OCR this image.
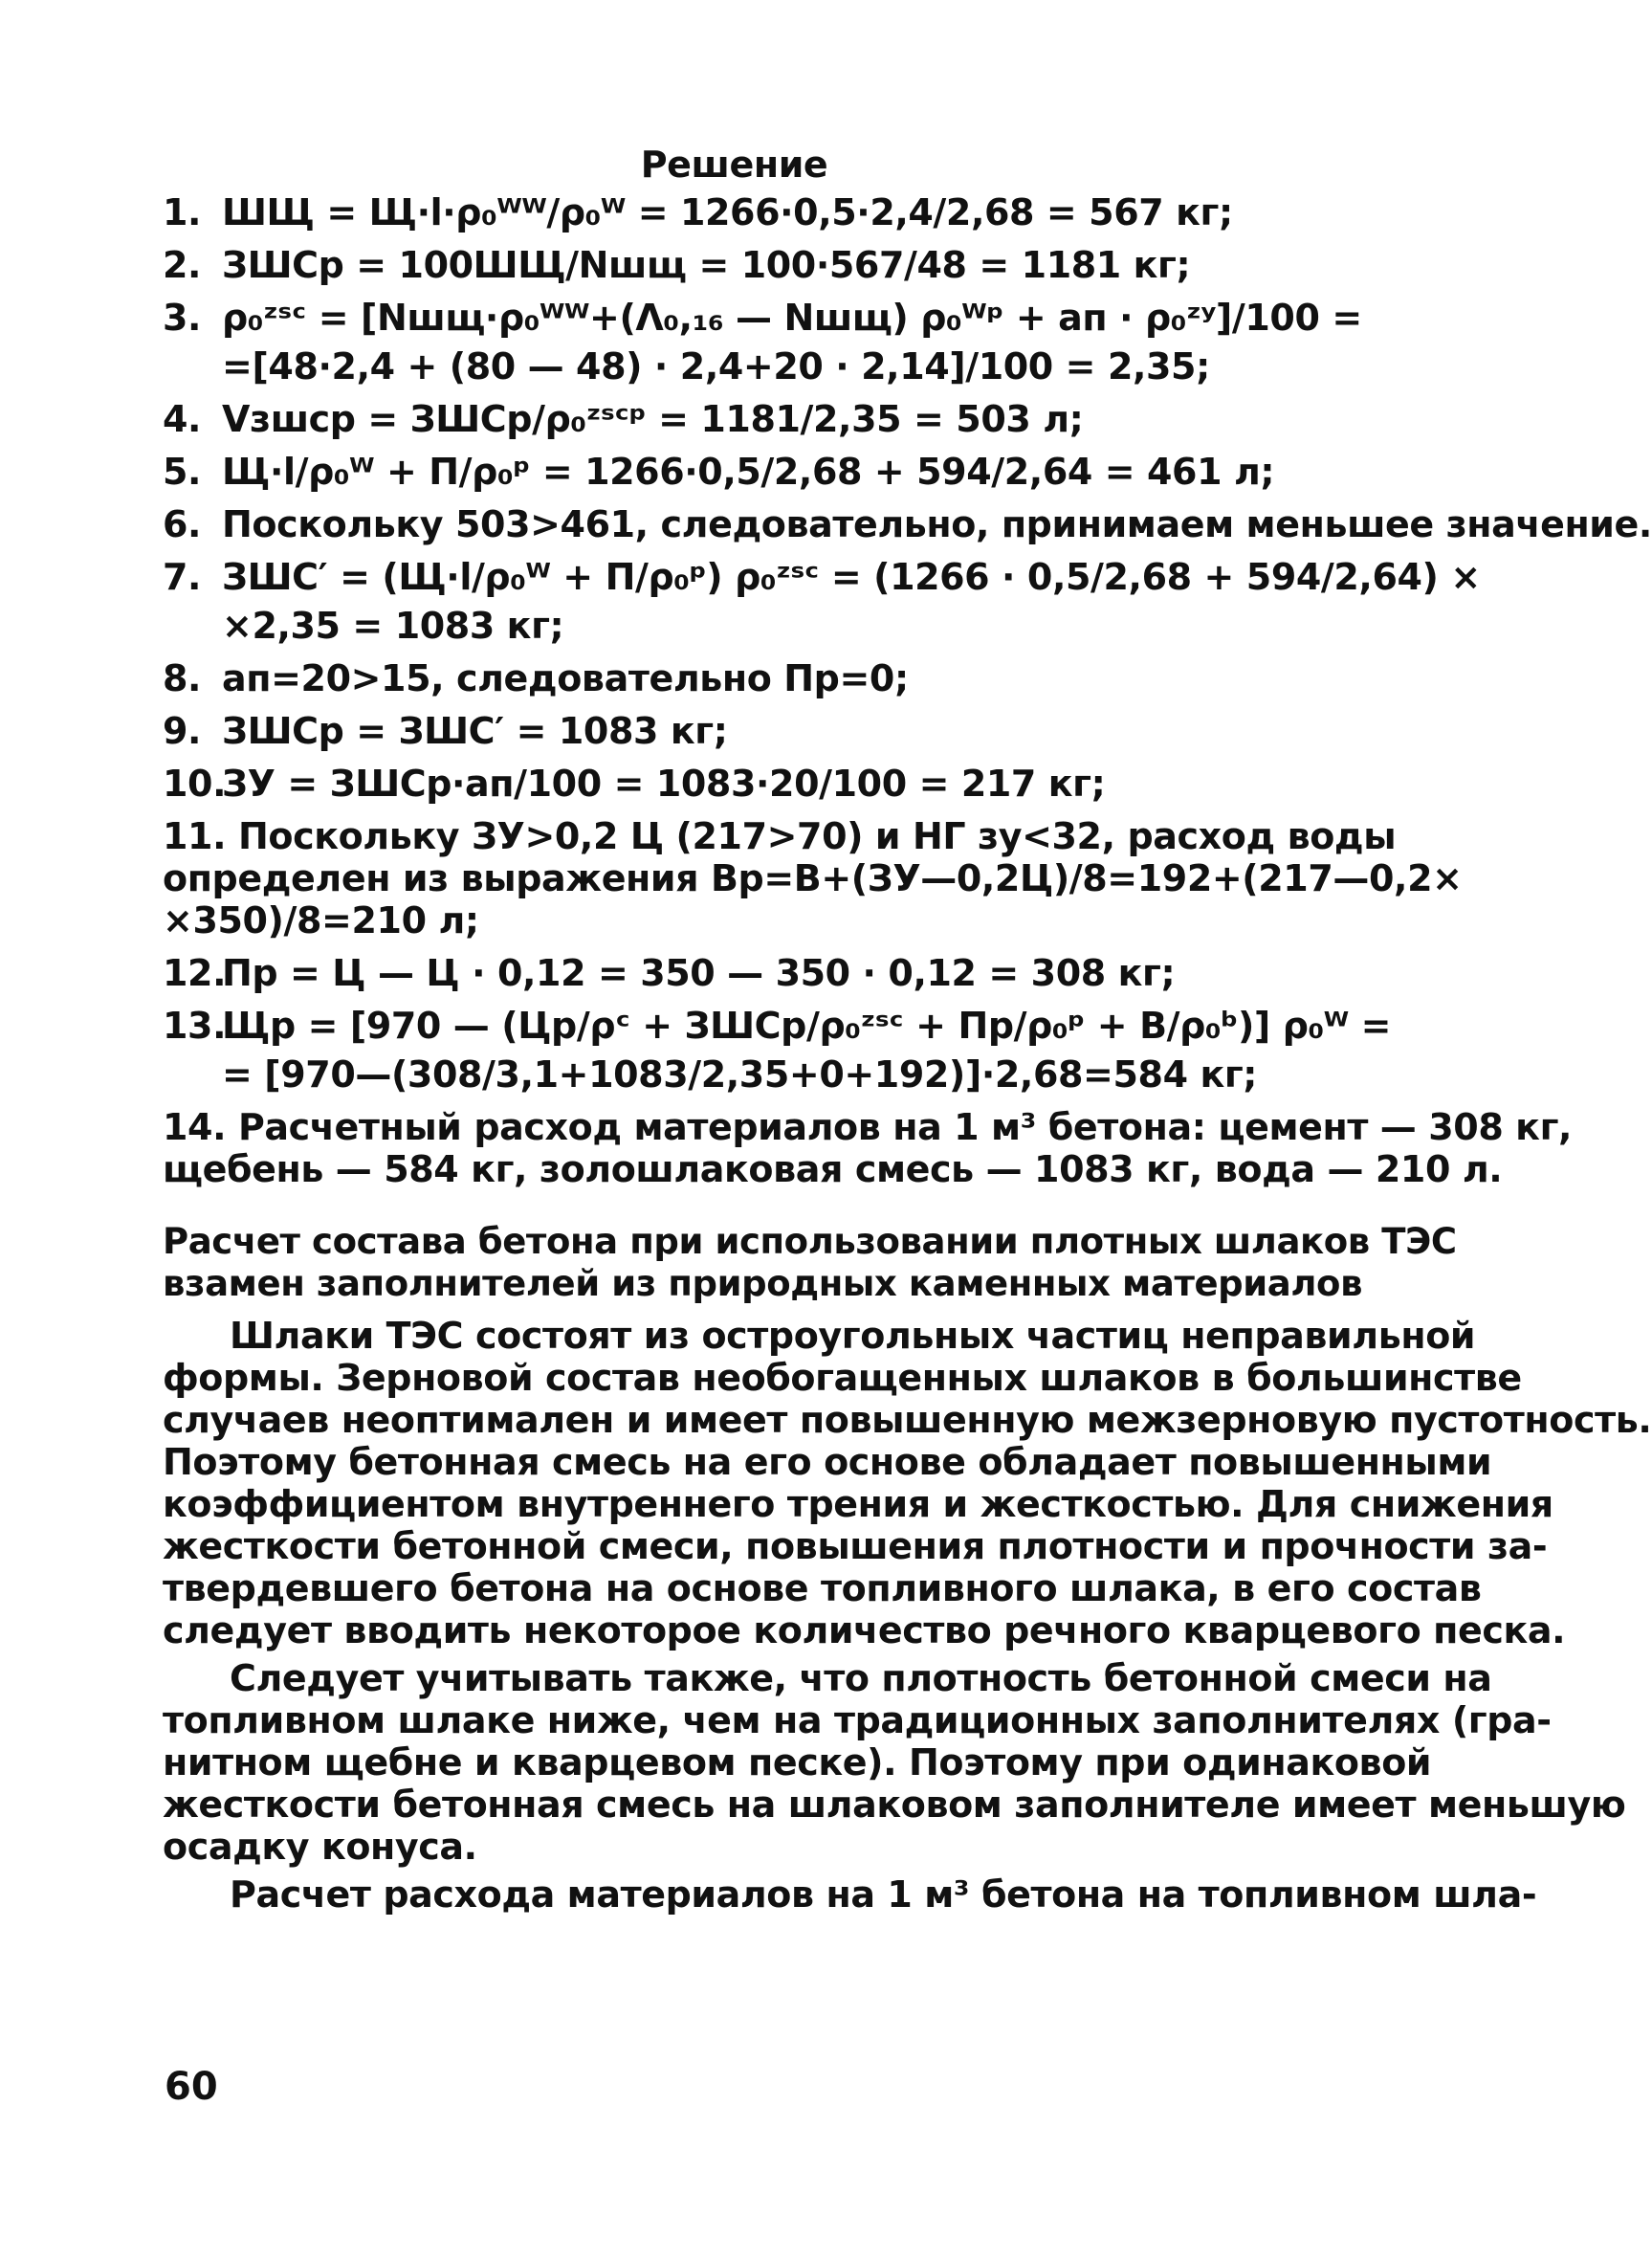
Решение
1. ШЩ = Щ·l·ρ₀ᵂᵂ/ρ₀ᵂ = 1266·0,5·2,4/2,68 = 567 кг;
2. ЗШСр = 100ШЩ/Nшщ = 100·567/48 = 1181 кг;
3. ρ₀ᶻˢᶜ = [Nшщ·ρ₀ᵂᵂ+(Λ₀,₁₆ — Nшщ) ρ₀ᵂᵖ + aп · ρ₀ᶻʸ]/100 =
=[48·2,4 + (80 — 48) · 2,4+20 · 2,14]/100 = 2,35;
4. Vзшср = ЗШСр/ρ₀ᶻˢᶜᵖ = 1181/2,35 = 503 л;
5. Щ·l/ρ₀ᵂ + П/ρ₀ᵖ = 1266·0,5/2,68 + 594/2,64 = 461 л;
6. Поскольку 503>461, следовательно, принимаем меньшее значение.
7. ЗШС′ = (Щ·l/ρ₀ᵂ + П/ρ₀ᵖ) ρ₀ᶻˢᶜ = (1266 · 0,5/2,68 + 594/2,64) ×
×2,35 = 1083 кг;
8. aп=20>15, следовательно Пр=0;
9. ЗШСр = ЗШС′ = 1083 кг;
10.
ЗУ = ЗШСр·aп/100 = 1083·20/100 = 217 кг;
11. Поскольку ЗУ>0,2 Ц (217>70) и НГ зу<32, расход воды
определен из выражения Вр=В+(ЗУ—0,2Ц)/8=192+(217—0,2×
×350)/8=210 л;
12.
Пр = Ц — Ц · 0,12 = 350 — 350 · 0,12 = 308 кг;
13.
Щр = [970 — (Цр/ρᶜ + ЗШСр/ρ₀ᶻˢᶜ + Пр/ρ₀ᵖ + В/ρ₀ᵇ)] ρ₀ᵂ =
= [970—(308/3,1+1083/2,35+0+192)]·2,68=584 кг;
14. Расчетный расход материалов на 1 м³ бетона: цемент — 308 кг,
щебень — 584 кг, золошлаковая смесь — 1083 кг, вода — 210 л.
Расчет состава бетона при использовании плотных шлаков ТЭС
взамен заполнителей из природных каменных материалов
Шлаки ТЭС состоят из остроугольных частиц неправильной
формы. Зерновой состав необогащенных шлаков в большинстве
случаев неоптимален и имеет повышенную межзерновую пустотность.
Поэтому бетонная смесь на его основе обладает повышенными
коэффициентом внутреннего трения и жесткостью. Для снижения
жесткости бетонной смеси, повышения плотности и прочности за-
твердевшего бетона на основе топливного шлака, в его состав
следует вводить некоторое количество речного кварцевого песка.
Следует учитывать также, что плотность бетонной смеси на
топливном шлаке ниже, чем на традиционных заполнителях (гра-
нитном щебне и кварцевом песке). Поэтому при одинаковой
жесткости бетонная смесь на шлаковом заполнителе имеет меньшую
осадку конуса.
Расчет расхода материалов на 1 м³ бетона на топливном шла-
60
